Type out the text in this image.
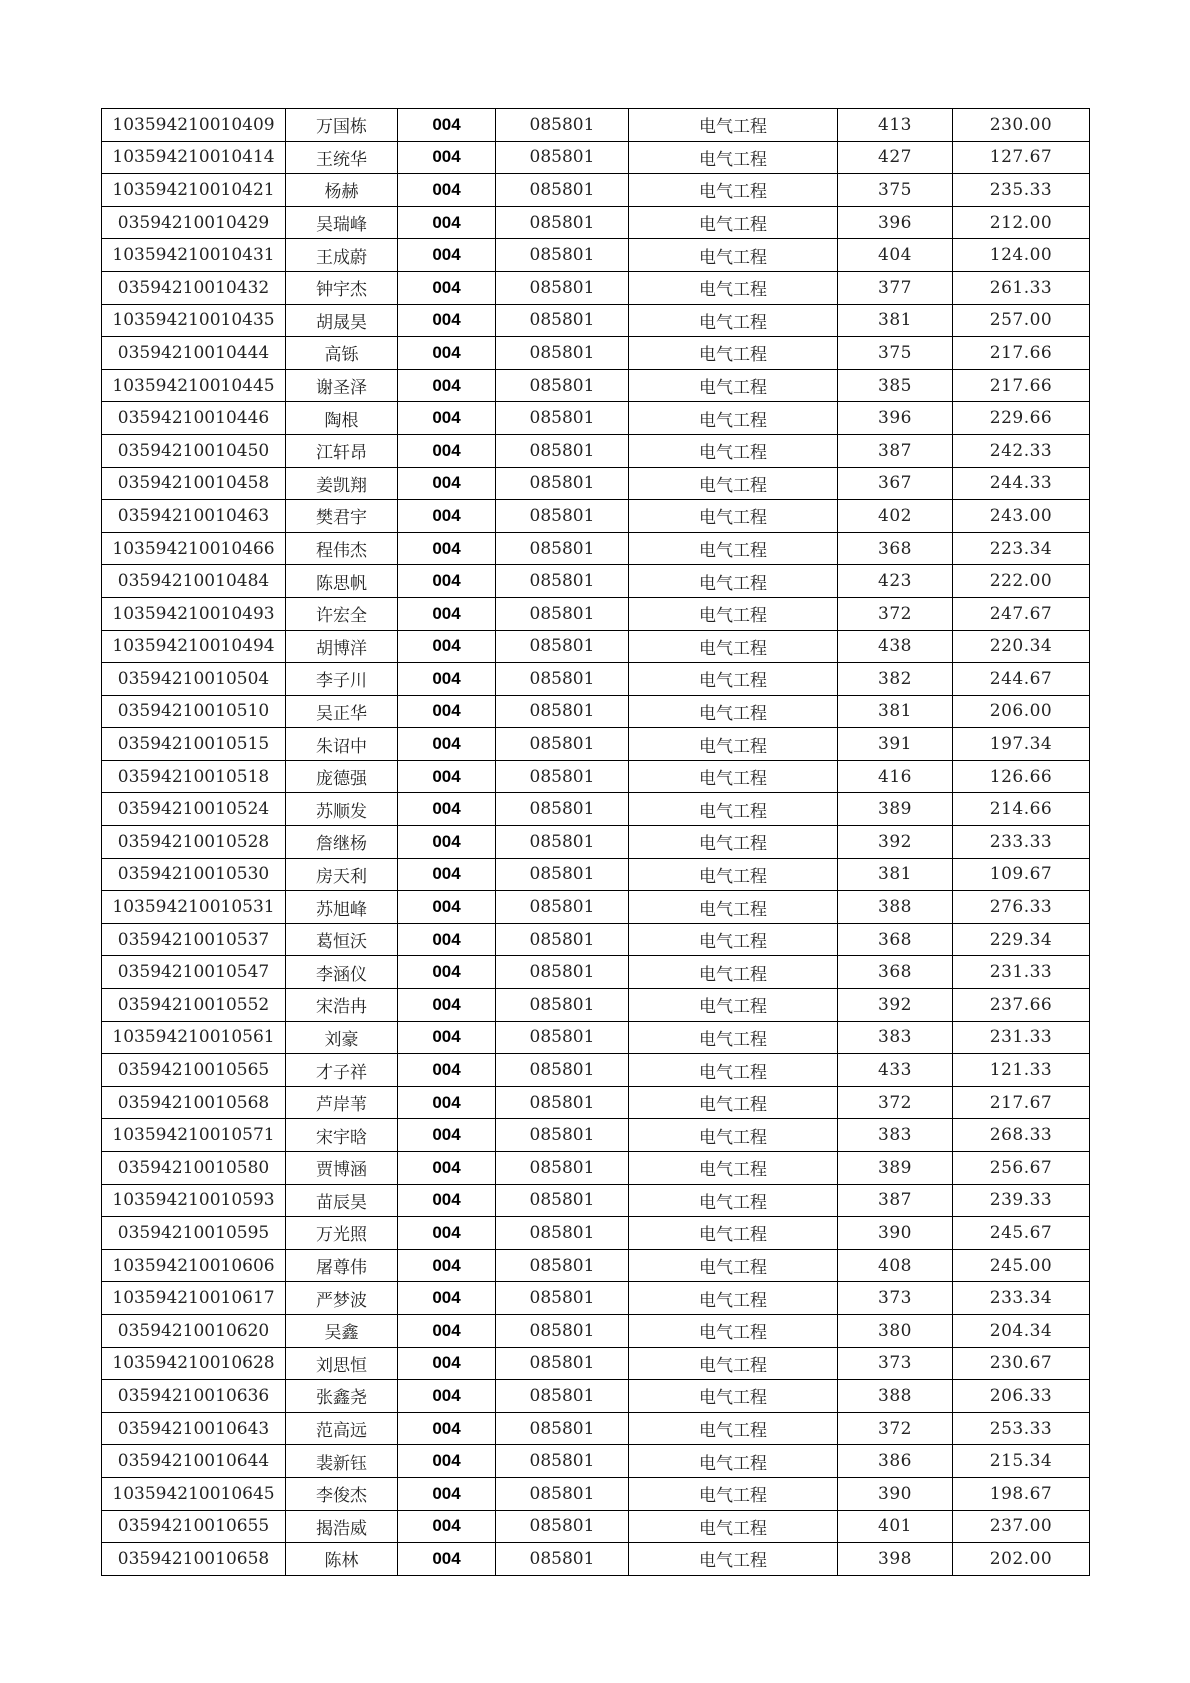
103594210010409	万国栋	004	085801	电气工程	413	230.00
103594210010414	王统华	004	085801	电气工程	427	127.67
103594210010421	杨赫	004	085801	电气工程	375	235.33
03594210010429	吴瑞峰	004	085801	电气工程	396	212.00
103594210010431	王成蔚	004	085801	电气工程	404	124.00
03594210010432	钟宇杰	004	085801	电气工程	377	261.33
103594210010435	胡晟昊	004	085801	电气工程	381	257.00
03594210010444	高铄	004	085801	电气工程	375	217.66
103594210010445	谢圣泽	004	085801	电气工程	385	217.66
03594210010446	陶根	004	085801	电气工程	396	229.66
03594210010450	江轩昂	004	085801	电气工程	387	242.33
03594210010458	姜凯翔	004	085801	电气工程	367	244.33
03594210010463	樊君宇	004	085801	电气工程	402	243.00
103594210010466	程伟杰	004	085801	电气工程	368	223.34
03594210010484	陈思帆	004	085801	电气工程	423	222.00
103594210010493	许宏全	004	085801	电气工程	372	247.67
103594210010494	胡博洋	004	085801	电气工程	438	220.34
03594210010504	李子川	004	085801	电气工程	382	244.67
03594210010510	吴正华	004	085801	电气工程	381	206.00
03594210010515	朱诏中	004	085801	电气工程	391	197.34
03594210010518	庞德强	004	085801	电气工程	416	126.66
03594210010524	苏顺发	004	085801	电气工程	389	214.66
03594210010528	詹继杨	004	085801	电气工程	392	233.33
03594210010530	房天利	004	085801	电气工程	381	109.67
103594210010531	苏旭峰	004	085801	电气工程	388	276.33
03594210010537	葛恒沃	004	085801	电气工程	368	229.34
03594210010547	李涵仪	004	085801	电气工程	368	231.33
03594210010552	宋浩冉	004	085801	电气工程	392	237.66
103594210010561	刘豪	004	085801	电气工程	383	231.33
03594210010565	才子祥	004	085801	电气工程	433	121.33
03594210010568	芦岸苇	004	085801	电气工程	372	217.67
103594210010571	宋宇晗	004	085801	电气工程	383	268.33
03594210010580	贾博涵	004	085801	电气工程	389	256.67
103594210010593	苗辰昊	004	085801	电气工程	387	239.33
03594210010595	万光照	004	085801	电气工程	390	245.67
103594210010606	屠尊伟	004	085801	电气工程	408	245.00
103594210010617	严梦波	004	085801	电气工程	373	233.34
03594210010620	吴鑫	004	085801	电气工程	380	204.34
103594210010628	刘思恒	004	085801	电气工程	373	230.67
03594210010636	张鑫尧	004	085801	电气工程	388	206.33
03594210010643	范高远	004	085801	电气工程	372	253.33
03594210010644	裴新钰	004	085801	电气工程	386	215.34
103594210010645	李俊杰	004	085801	电气工程	390	198.67
03594210010655	揭浩威	004	085801	电气工程	401	237.00
03594210010658	陈林	004	085801	电气工程	398	202.00
